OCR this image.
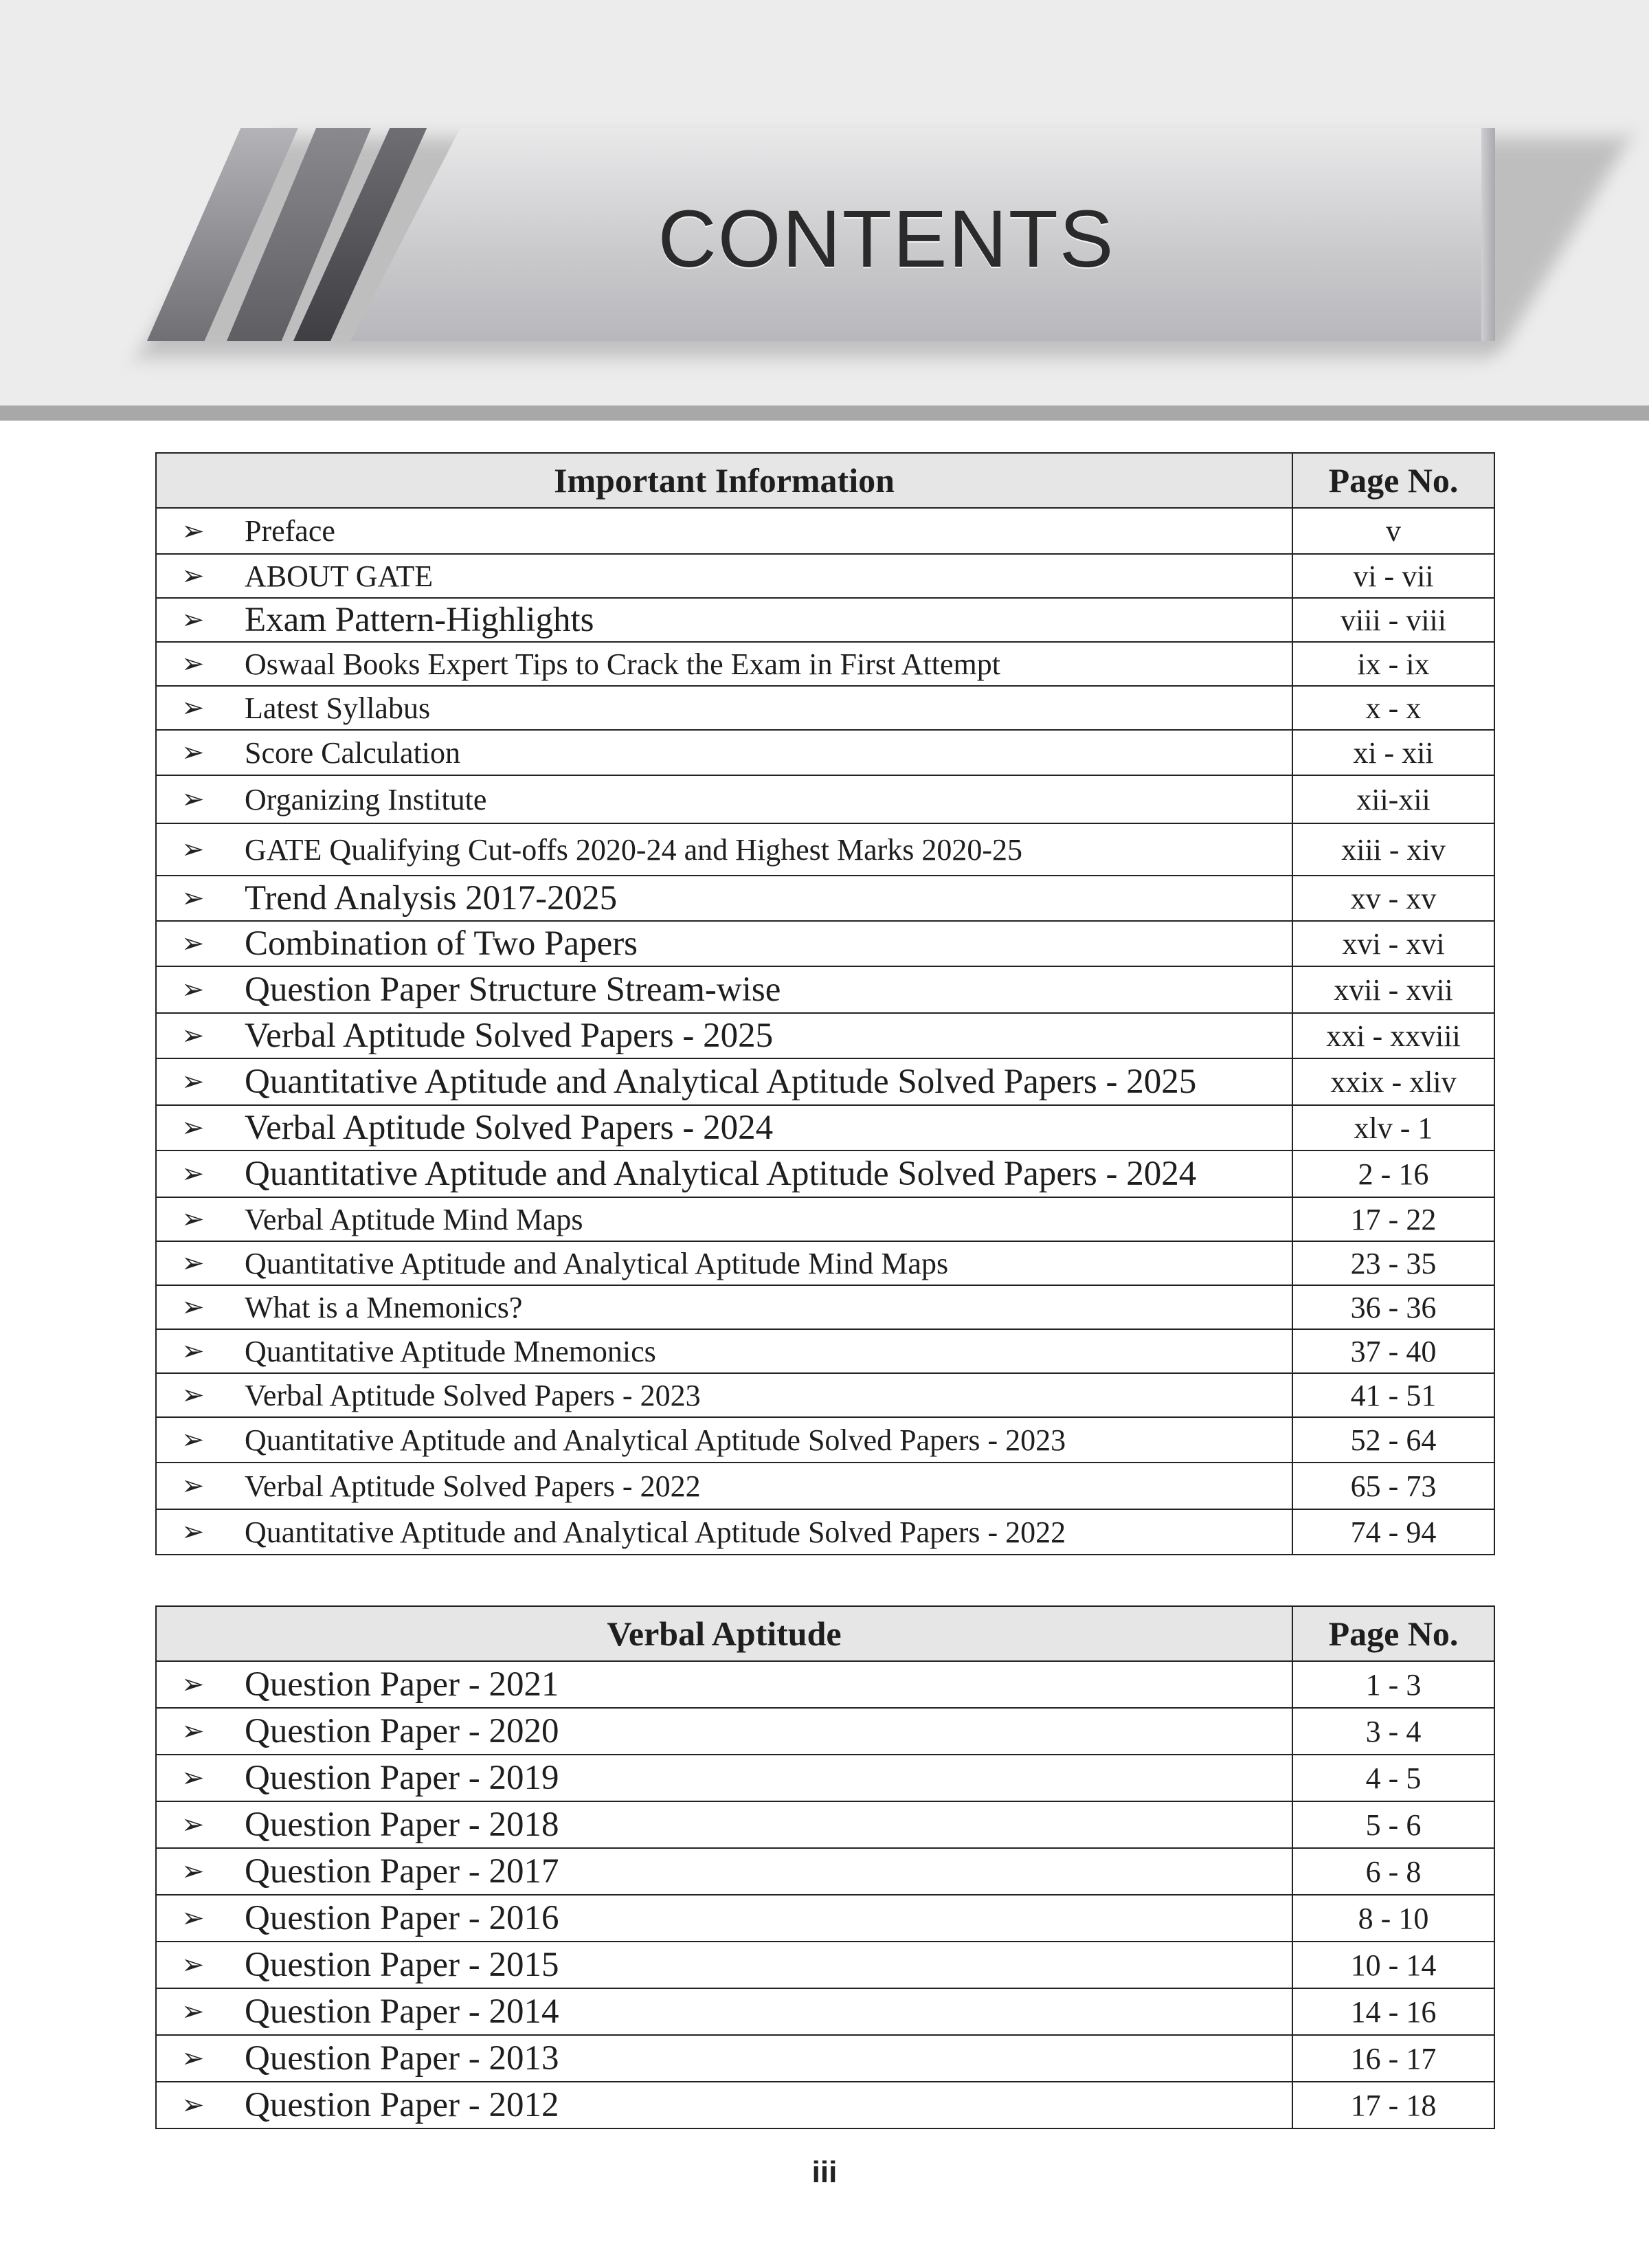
CONTENTS
Important Information	Page No.

➢ Preface	v

➢ ABOUT GATE	vi - vii

➢ Exam Pattern-Highlights	viii - viii

➢ Oswaal Books Expert Tips to Crack the Exam in First Attempt	ix - ix

➢ Latest Syllabus	x - x

➢ Score Calculation	xi - xii

➢ Organizing Institute	xii-xii

➢ GATE Qualifying Cut-offs 2020-24 and Highest Marks 2020-25	xiii - xiv

➢ Trend Analysis 2017-2025	xv - xv

➢ Combination of Two Papers	xvi - xvi

➢ Question Paper Structure Stream-wise	xvii - xvii

➢ Verbal Aptitude Solved Papers - 2025	xxi - xxviii

➢ Quantitative Aptitude and Analytical Aptitude Solved Papers - 2025	xxix - xliv

➢ Verbal Aptitude Solved Papers - 2024	xlv - 1

➢ Quantitative Aptitude and Analytical Aptitude Solved Papers - 2024	2 - 16

➢ Verbal Aptitude Mind Maps	17 - 22

➢ Quantitative Aptitude and Analytical Aptitude Mind Maps	23 - 35

➢ What is a Mnemonics?	36 - 36

➢ Quantitative Aptitude Mnemonics	37 - 40

➢ Verbal Aptitude Solved Papers - 2023	41 - 51

➢ Quantitative Aptitude and Analytical Aptitude Solved Papers - 2023	52 - 64

➢ Verbal Aptitude Solved Papers - 2022	65 - 73

➢ Quantitative Aptitude and Analytical Aptitude Solved Papers - 2022	74 - 94
Verbal Aptitude	Page No.

➢ Question Paper - 2021	1 - 3

➢ Question Paper - 2020	3 - 4

➢ Question Paper - 2019	4 - 5

➢ Question Paper - 2018	5 - 6

➢ Question Paper - 2017	6 - 8

➢ Question Paper - 2016	8 - 10

➢ Question Paper - 2015	10 - 14

➢ Question Paper - 2014	14 - 16

➢ Question Paper - 2013	16 - 17

➢ Question Paper - 2012	17 - 18
iii
